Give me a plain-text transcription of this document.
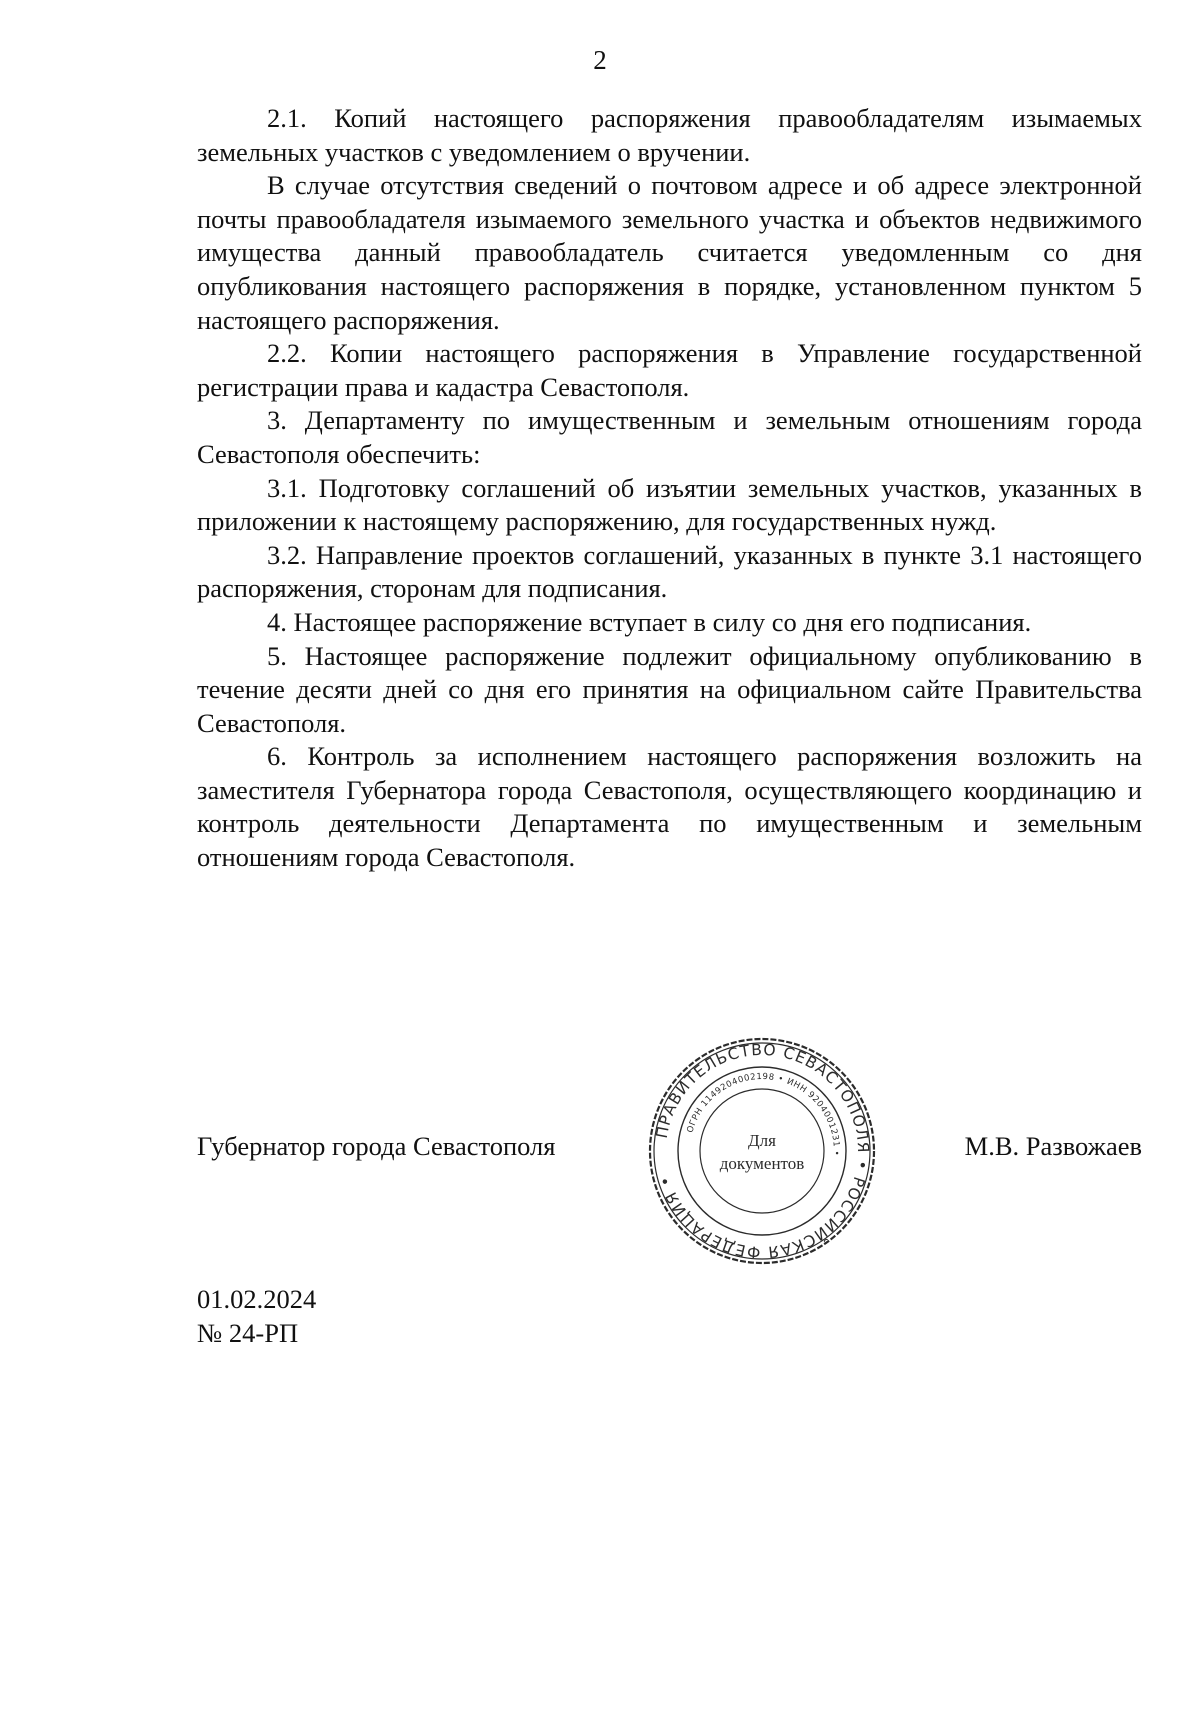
2

2.1. Копий настоящего распоряжения правообладателям изымаемых земельных участков с уведомлением о вручении.

В случае отсутствия сведений о почтовом адресе и об адресе электронной почты правообладателя изымаемого земельного участка и объектов недвижимого имущества данный правообладатель считается уведомленным со дня опубликования настоящего распоряжения в порядке, установленном пунктом 5 настоящего распоряжения.

2.2. Копии настоящего распоряжения в Управление государственной регистрации права и кадастра Севастополя.

3. Департаменту по имущественным и земельным отношениям города Севастополя обеспечить:

3.1. Подготовку соглашений об изъятии земельных участков, указанных в приложении к настоящему распоряжению, для государственных нужд.

3.2. Направление проектов соглашений, указанных в пункте 3.1 настоящего распоряжения, сторонам для подписания.

4. Настоящее распоряжение вступает в силу со дня его подписания.

5. Настоящее распоряжение подлежит официальному опубликованию в течение десяти дней со дня его принятия на официальном сайте Правительства Севастополя.

6. Контроль за исполнением настоящего распоряжения возложить на заместителя Губернатора города Севастополя, осуществляющего координацию и контроль деятельности Департамента по имущественным и земельным отношениям города Севастополя.

Губернатор города Севастополя	ПРАВИТЕЛЬСТВО СЕВАСТОПОЛЯ • РОССИЙСКАЯ ФЕДЕРАЦИЯ •
ОГРН 1149204002198 • ИНН 9204001231 •
Для
документов
М.В. Развожаев
01.02.2024
№ 24-РП
